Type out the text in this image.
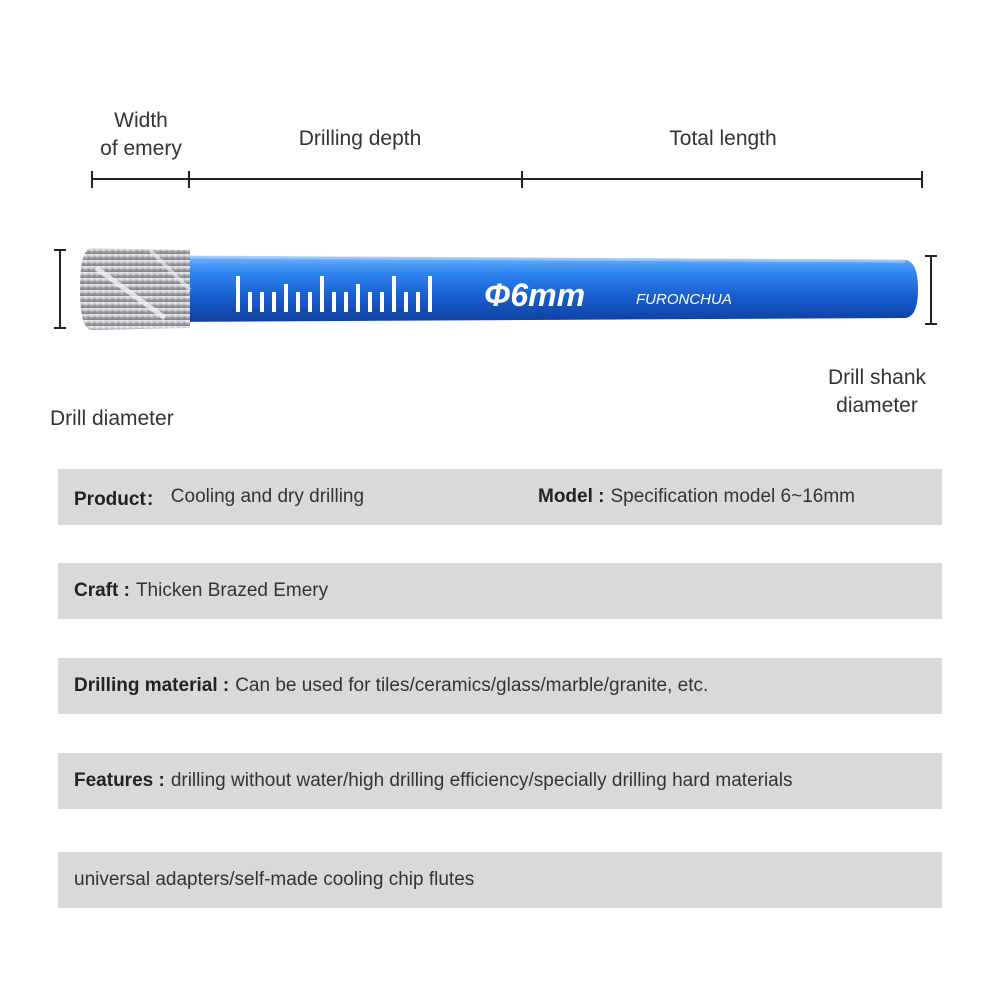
Width
of emery	Drilling depth	Total length
Φ6mm	FURONCHUA
Drill diameter
Drill shank
diameter
Product： Cooling and dry drilling	Model : Specification model 6~16mm
Craft : Thicken Brazed Emery
Drilling material : Can be used for tiles/ceramics/glass/marble/granite, etc.
Features : drilling without water/high drilling efficiency/specially drilling hard materials
universal adapters/self-made cooling chip flutes
